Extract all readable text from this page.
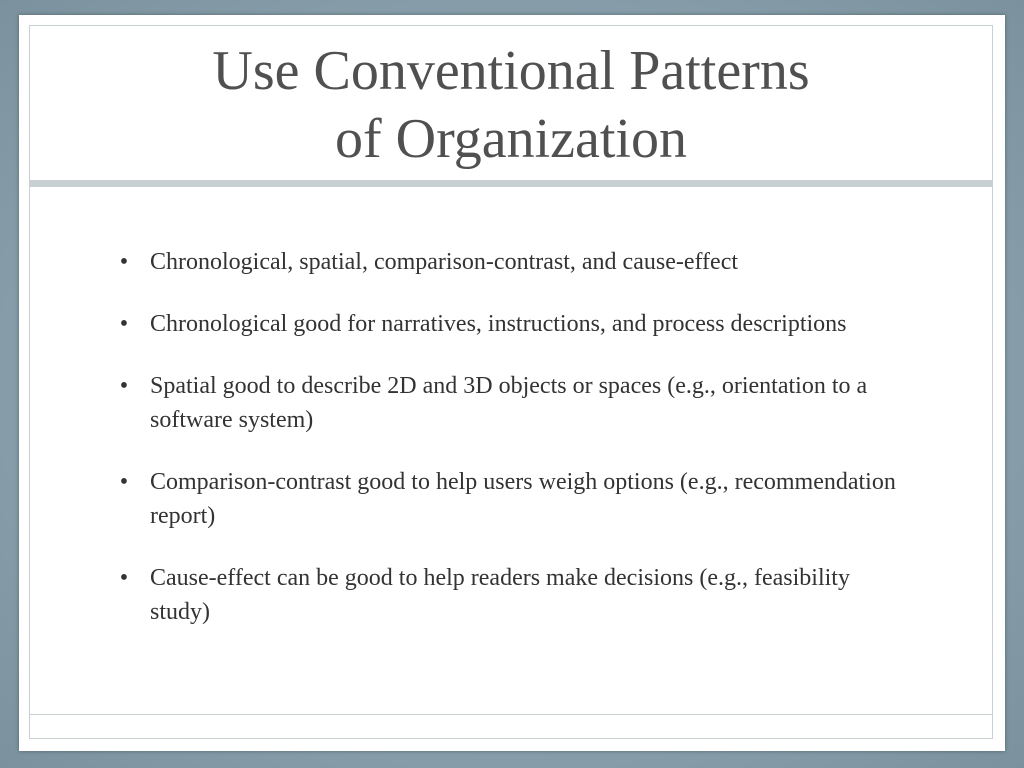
Use Conventional Patterns
of Organization
• Chronological, spatial, comparison-contrast, and cause-effect
• Chronological good for narratives, instructions, and process descriptions
• Spatial good to describe 2D and 3D objects or spaces (e.g., orientation to a software system)
• Comparison-contrast good to help users weigh options (e.g., recommendation report)
• Cause-effect can be good to help readers make decisions (e.g., feasibility study)
